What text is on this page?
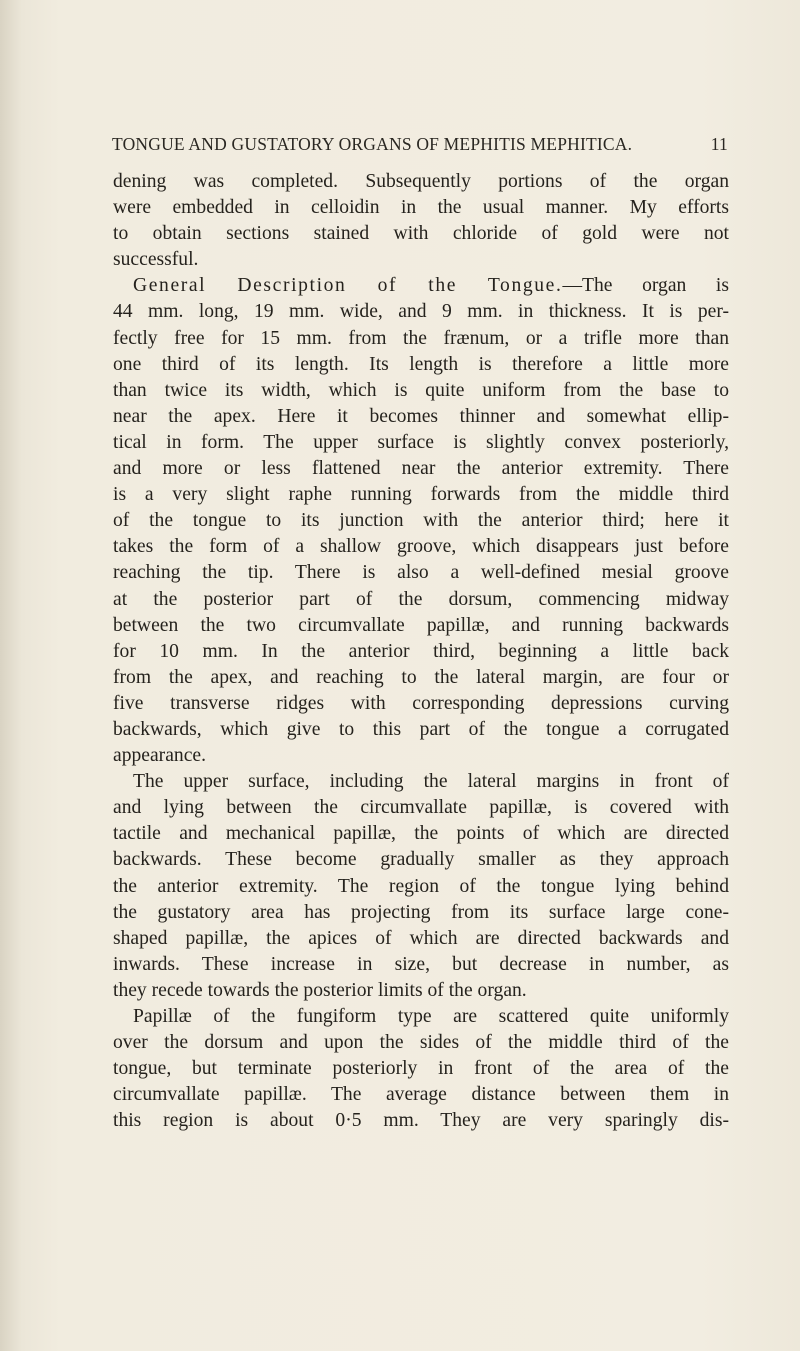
TONGUE AND GUSTATORY ORGANS OF MEPHITIS MEPHITICA.	11
dening was completed. Subsequently portions of the organ
were embedded in celloidin in the usual manner. My efforts
to obtain sections stained with chloride of gold were not
successful.
General Description of the Tongue.—The organ is
44 mm. long, 19 mm. wide, and 9 mm. in thickness. It is per-
fectly free for 15 mm. from the frænum, or a trifle more than
one third of its length. Its length is therefore a little more
than twice its width, which is quite uniform from the base to
near the apex. Here it becomes thinner and somewhat ellip-
tical in form. The upper surface is slightly convex posteriorly,
and more or less flattened near the anterior extremity. There
is a very slight raphe running forwards from the middle third
of the tongue to its junction with the anterior third; here it
takes the form of a shallow groove, which disappears just before
reaching the tip. There is also a well-defined mesial groove
at the posterior part of the dorsum, commencing midway
between the two circumvallate papillæ, and running backwards
for 10 mm. In the anterior third, beginning a little back
from the apex, and reaching to the lateral margin, are four or
five transverse ridges with corresponding depressions curving
backwards, which give to this part of the tongue a corrugated
appearance.
The upper surface, including the lateral margins in front of
and lying between the circumvallate papillæ, is covered with
tactile and mechanical papillæ, the points of which are directed
backwards. These become gradually smaller as they approach
the anterior extremity. The region of the tongue lying behind
the gustatory area has projecting from its surface large cone-
shaped papillæ, the apices of which are directed backwards and
inwards. These increase in size, but decrease in number, as
they recede towards the posterior limits of the organ.
Papillæ of the fungiform type are scattered quite uniformly
over the dorsum and upon the sides of the middle third of the
tongue, but terminate posteriorly in front of the area of the
circumvallate papillæ. The average distance between them in
this region is about 0·5 mm. They are very sparingly dis-
